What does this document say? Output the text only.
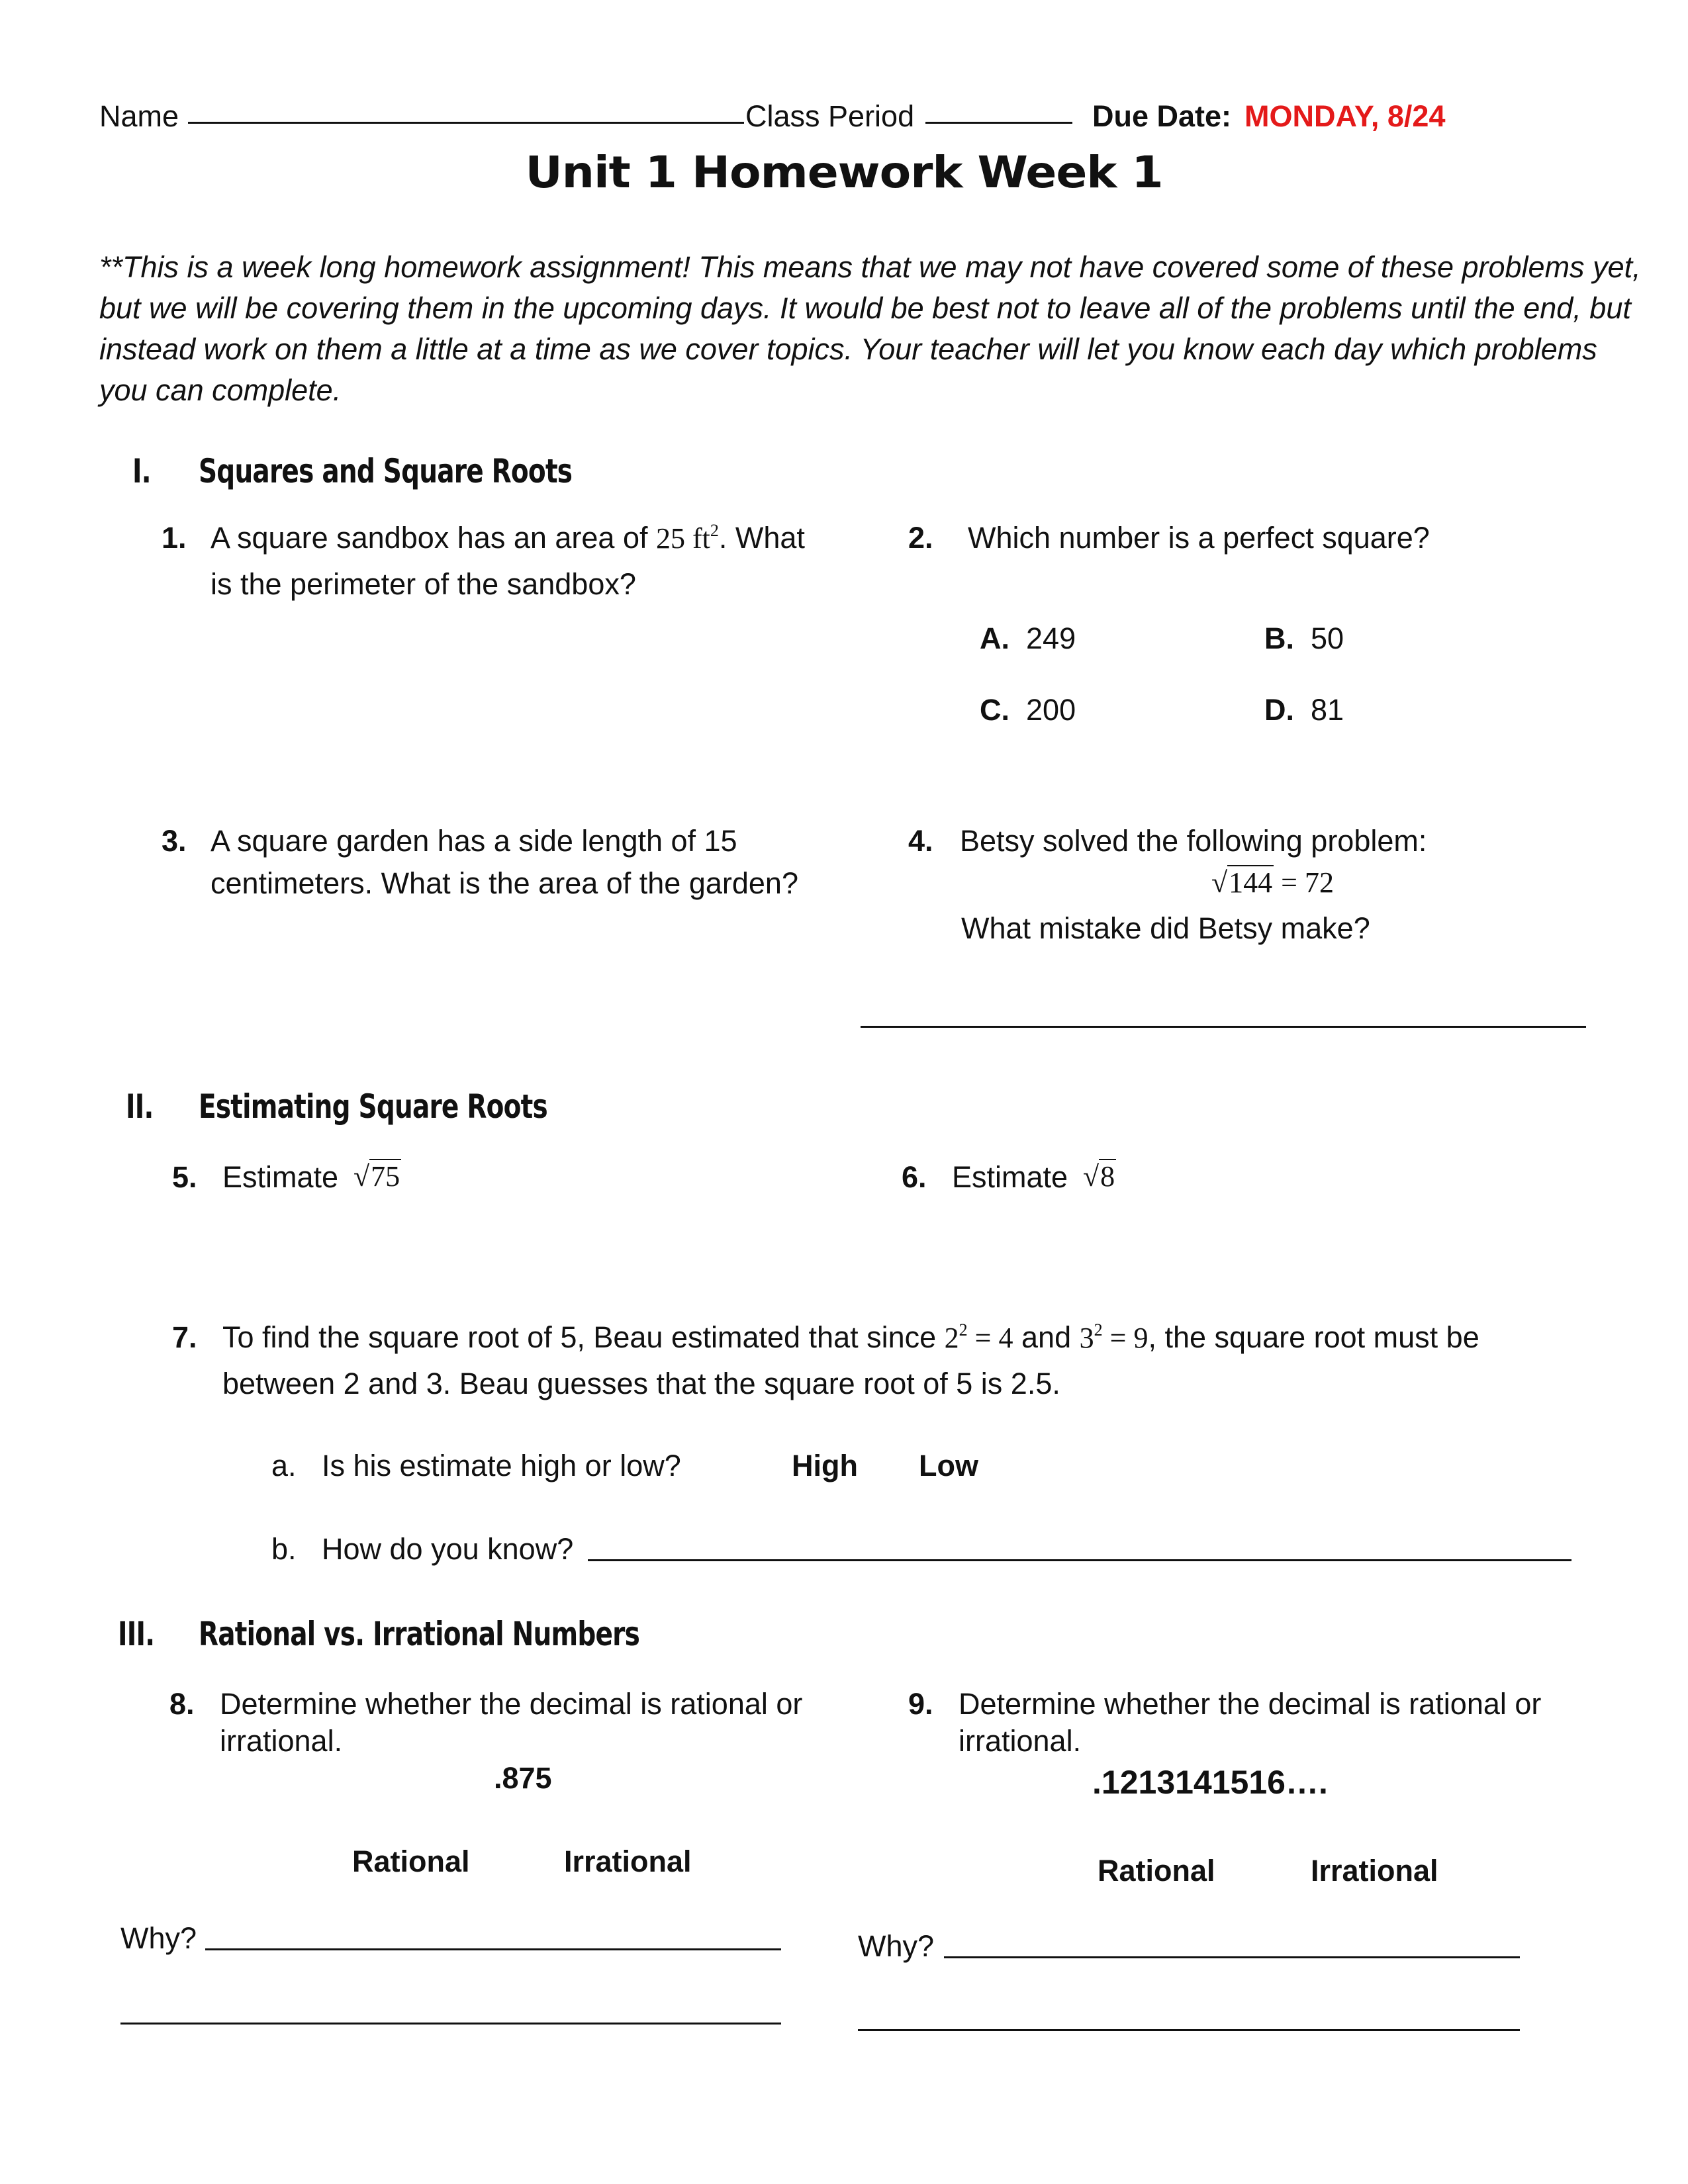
Name	Class Period	Due Date: MONDAY, 8/24
Unit 1 Homework Week 1
**This is a week long homework assignment! This means that we may not have covered some of these problems yet, but we will be covering them in the upcoming days. It would be best not to leave all of the problems until the end, but instead work on them a little at a time as we cover topics. Your teacher will let you know each day which problems you can complete.
I. Squares and Square Roots
1. A square sandbox has an area of 25 $ft^2$. What
is the perimeter of the sandbox?
2. Which number is a perfect square?
A. 249	B. 50
C. 200	D. 81
3. A square garden has a side length of 15
centimeters. What is the area of the garden?
4. Betsy solved the following problem:
√144 = 72
What mistake did Betsy make?
II. Estimating Square Roots
5. Estimate √75	6. Estimate √8
7. To find the square root of 5, Beau estimated that since $2^2 = 4$ and $3^2 = 9$, the square root must be
between 2 and 3. Beau guesses that the square root of 5 is 2.5.
a. Is his estimate high or low?	High Low
b. How do you know?
III. Rational vs. Irrational Numbers
8. Determine whether the decimal is rational or
irrational.
.875
Rational	Irrational
Why?
9. Determine whether the decimal is rational or
irrational.
.1213141516….
Rational	Irrational
Why?
